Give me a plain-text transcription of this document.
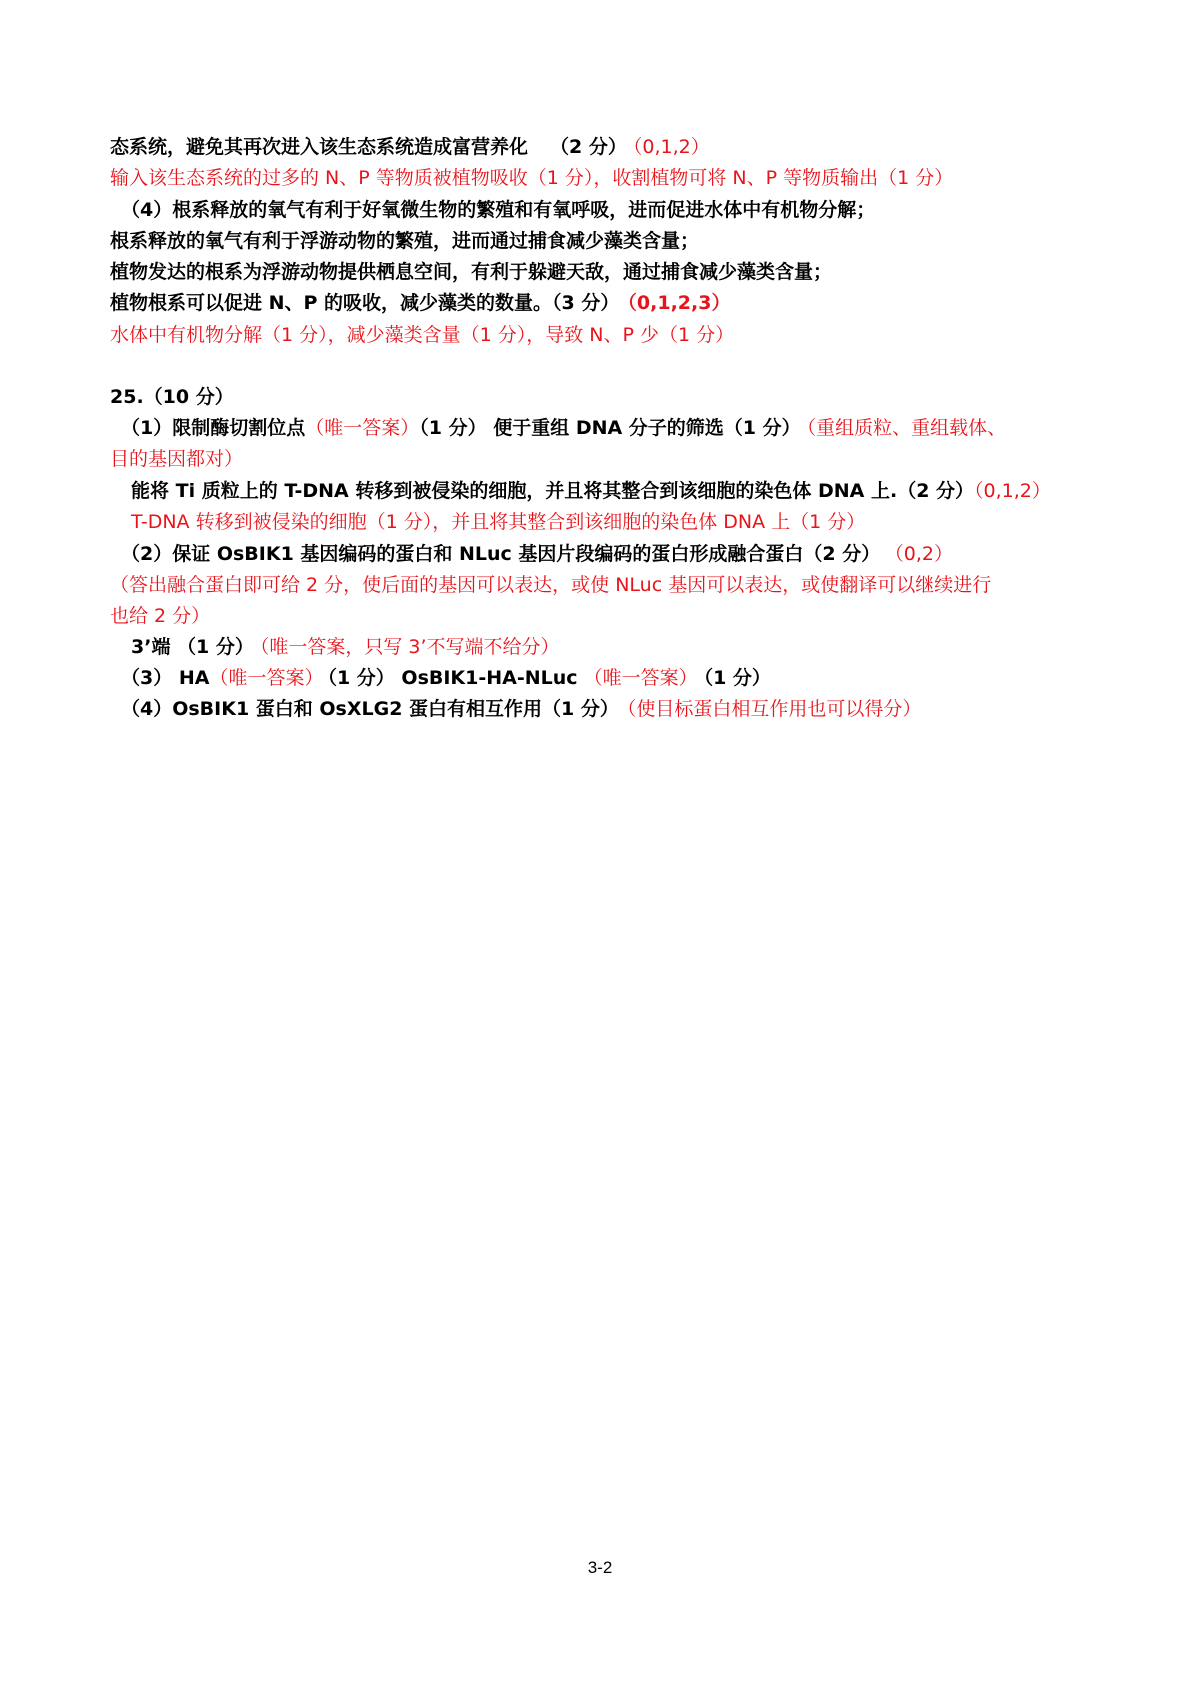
态系统，避免其再次进入该生态系统造成富营养化 （2 分） （0,1,2）
输入该生态系统的过多的 N、P 等物质被植物吸收（1 分），收割植物可将 N、P 等物质输出（1 分）
（4）根系释放的氧气有利于好氧微生物的繁殖和有氧呼吸，进而促进水体中有机物分解；
根系释放的氧气有利于浮游动物的繁殖，进而通过捕食减少藻类含量；
植物发达的根系为浮游动物提供栖息空间，有利于躲避天敌，通过捕食减少藻类含量；
植物根系可以促进 N、P 的吸收，减少藻类的数量。（3 分） （0,1,2,3）
水体中有机物分解（1 分），减少藻类含量（1 分），导致 N、P 少（1 分）
25.（10 分）
（1）限制酶切割位点（唯一答案）（1 分） 便于重组 DNA 分子的筛选（1 分） （重组质粒、重组载体、
目的基因都对）
能将 Ti 质粒上的 T-DNA 转移到被侵染的细胞，并且将其整合到该细胞的染色体 DNA 上.（2 分）（0,1,2）
T-DNA 转移到被侵染的细胞（1 分），并且将其整合到该细胞的染色体 DNA 上（1 分）
（2）保证 OsBIK1 基因编码的蛋白和 NLuc 基因片段编码的蛋白形成融合蛋白（2 分） （0,2）
（答出融合蛋白即可给 2 分，使后面的基因可以表达，或使 NLuc 基因可以表达，或使翻译可以继续进行
也给 2 分）
3’端 （1 分） （唯一答案，只写 3’不写端不给分）
（3） HA（唯一答案） （1 分） OsBIK1-HA-NLuc （唯一答案） （1 分）
（4）OsBIK1 蛋白和 OsXLG2 蛋白有相互作用（1 分） （使目标蛋白相互作用也可以得分）
3-2
